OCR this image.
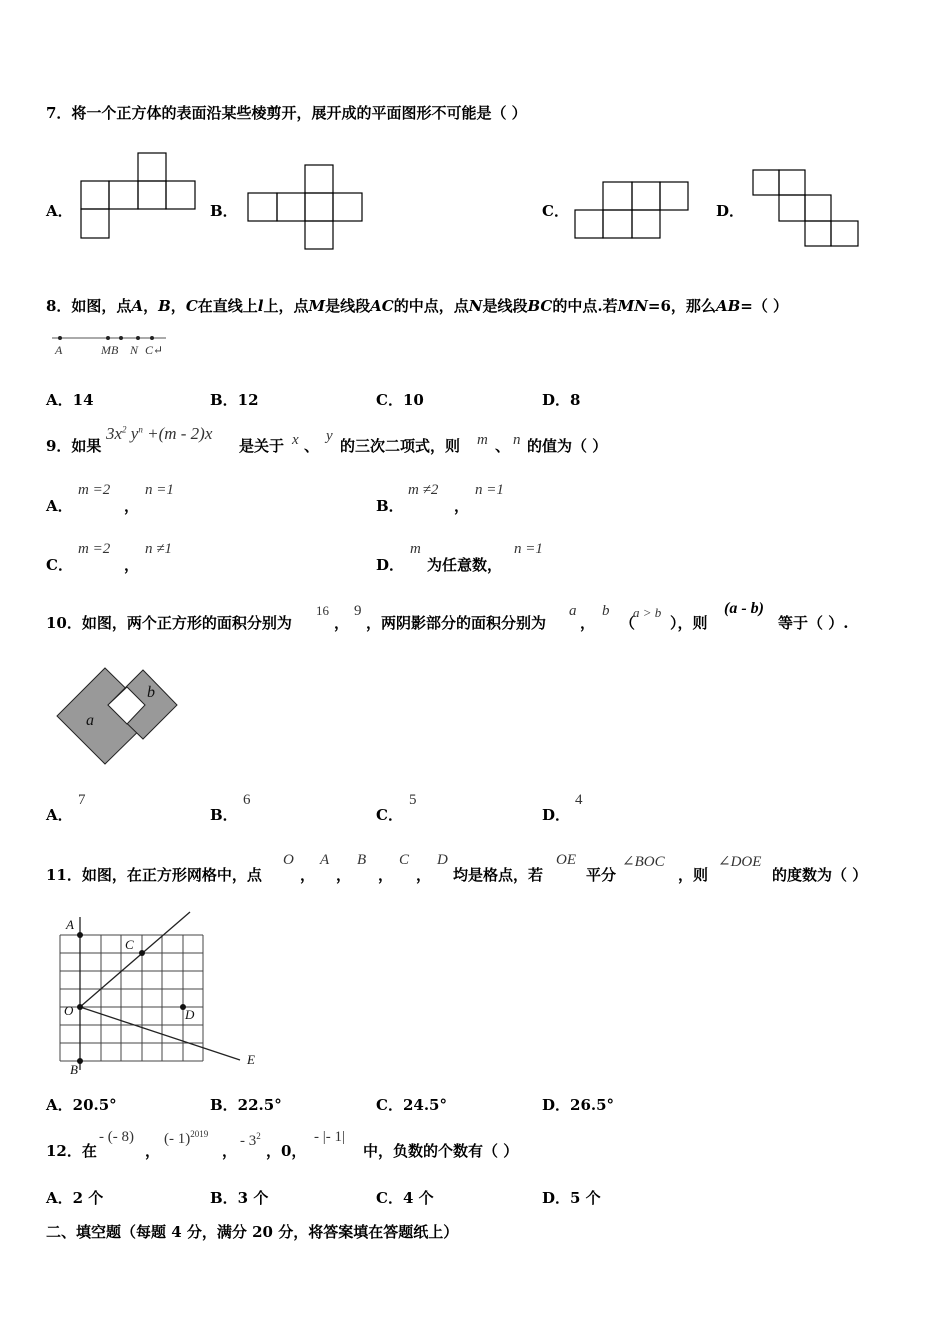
7．将一个正方体的表面沿某些棱剪开，展开成的平面图形不可能是（ ）
A．	B．	C．	D．
8．如图，点A，B，C在直线上l上，点M是线段AC的中点，点N是线段BC的中点.若MN=6，那么AB=（ ）
A	MB N C↵
A．14	B．12	C．10	D．8
9．如果
$3x^2$ $y^n +(m - 2)x$
是关于 x 、
y
的三次二项式，则 m 、 n 的值为（ ）
A．
m =2
，
n =1
B．
m ≠2
，
n =1
C．
m =2
，
n ≠1
D．
m
为任意数，
n =1
10．如图，两个正方形的面积分别为
16
，
9
，两阴影部分的面积分别为
a
，
b
（
a > b
），则
(a - b)
等于（ ）.
a
b
A．
7
B．
6
C．
5
D．
4
11．如图，在正方形网格中，点
O
，
A
，
B
，
C
，
D
均是格点，若
OE
平分
∠BOC
，则
∠DOE
的度数为（ ）
A
C
O	D
B
E
A．20.5°	B．22.5°	C．24.5°	D．26.5°
12．在
- (- 8)
，
(- 1)$^{2019}$
，
- $3^2$
，0，
- |- 1|
中，负数的个数有（ ）
A．2 个	B．3 个	C．4 个	D．5 个
二、填空题（每题 4 分，满分 20 分，将答案填在答题纸上）
